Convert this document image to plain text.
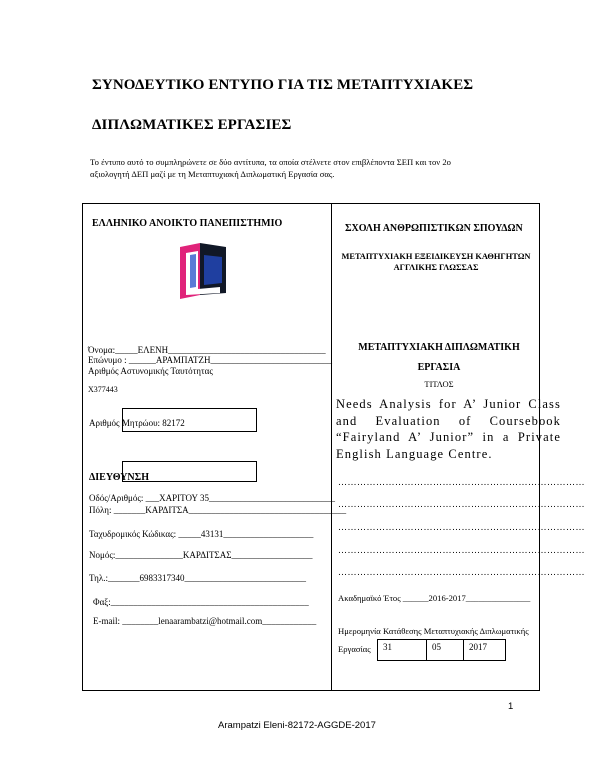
ΣΥΝΟΔΕΥΤΙΚΟ ΕΝΤΥΠΟ ΓΙΑ ΤΙΣ ΜΕΤΑΠΤΥΧΙΑΚΕΣ
ΔΙΠΛΩΜΑΤΙΚΕΣ ΕΡΓΑΣΙΕΣ
Το έντυπο αυτό το συμπληρώνετε σε δύο αντίτυπα, τα οποία στέλνετε στον επιβλέποντα ΣΕΠ και τον 2ο
αξιολογητή ΔΕΠ μαζί με τη Μεταπτυχιακή Διπλωματική Εργασία σας.
ΕΛΛΗΝΙΚΟ ΑΝΟΙΚΤΟ ΠΑΝΕΠΙΣΤΗΜΙΟ
Όνομα:_____ΕΛΕΝΗ___________________________________
Επώνυμο : ______ΑΡΑΜΠΑΤΖΗ___________________________
Αριθμός Αστυνομικής Ταυτότητας
Χ377443
Αριθμός Μητρώου: 82172
ΔΙΕΥΘΥΝΣΗ
Οδός/Αριθμός: ___ΧΑΡΙΤΟΥ 35____________________________
Πόλη: _______ΚΑΡΔΙΤΣΑ___________________________________
Ταχυδρομικός Κώδικας: _____43131____________________
Νομός:_______________ΚΑΡΔΙΤΣΑΣ__________________
Τηλ.:_______6983317340___________________________
Φαξ:____________________________________________
E-mail: ________lenaarambatzi@hotmail.com____________
ΣΧΟΛΗ ΑΝΘΡΩΠΙΣΤΙΚΩΝ ΣΠΟΥΔΩΝ
ΜΕΤΑΠΤΥΧΙΑΚΗ ΕΞΕΙΔΙΚΕΥΣΗ ΚΑΘΗΓΗΤΩΝ
ΑΓΓΛΙΚΗΣ ΓΛΩΣΣΑΣ
ΜΕΤΑΠΤΥΧΙΑΚΗ ΔΙΠΛΩΜΑΤΙΚΗ
ΕΡΓΑΣΙΑ
ΤΙΤΛΟΣ
Needs Analysis for A’ Junior Class and Evaluation of Coursebook “Fairyland A’ Junior” in a Private English Language Centre.
……………………………………………………………………
……………………………………………………………………
……………………………………………………………………
……………………………………………………………………
……………………………………………………………………
Ακαδημαϊκό Έτος ______2016-2017_______________
Ημερομηνία Κατάθεσης Μεταπτυχιακής Διπλωματικής
Εργασίας	31	05	2017
1
Arampatzi Eleni-82172-AGGDE-2017
